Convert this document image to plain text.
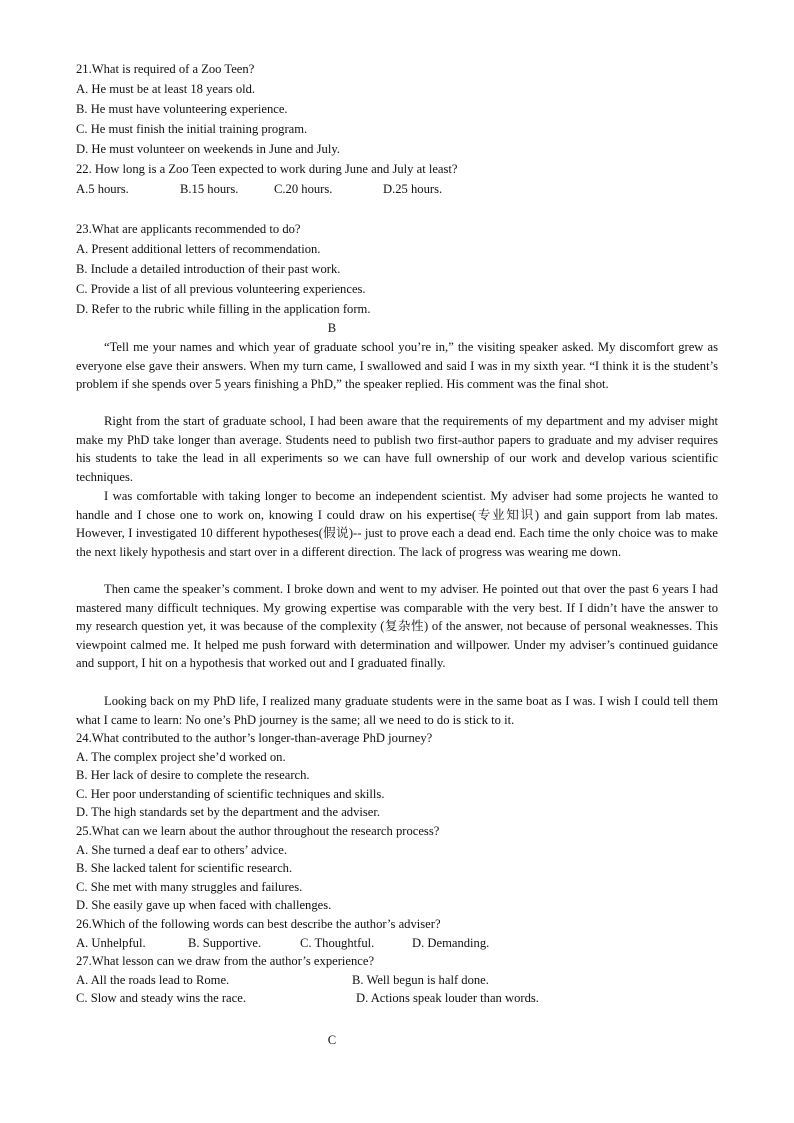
21.What is required of a Zoo Teen?
A. He must be at least 18 years old.
B. He must have volunteering experience.
C. He must finish the initial training program.
D. He must volunteer on weekends in June and July.
22. How long is a Zoo Teen expected to work during June and July at least?
A.5 hours.	B.15 hours.	C.20 hours.	D.25 hours.
23.What are applicants recommended to do?
A. Present additional letters of recommendation.
B. Include a detailed introduction of their past work.
C. Provide a list of all previous volunteering experiences.
D. Refer to the rubric while filling in the application form.
B
“Tell me your names and which year of graduate school you’re in,” the visiting speaker asked. My discomfort grew as everyone else gave their answers. When my turn came, I swallowed and said I was in my sixth year. “I think it is the student’s problem if she spends over 5 years finishing a PhD,” the speaker replied. His comment was the final shot.
Right from the start of graduate school, I had been aware that the requirements of my department and my adviser might make my PhD take longer than average. Students need to publish two first-author papers to graduate and my adviser requires his students to take the lead in all experiments so we can have full ownership of our work and develop various scientific techniques.
I was comfortable with taking longer to become an independent scientist. My adviser had some projects he wanted to handle and I chose one to work on, knowing I could draw on his expertise(专业知识) and gain support from lab mates. However, I investigated 10 different hypotheses(假说)-- just to prove each a dead end. Each time the only choice was to make the next likely hypothesis and start over in a different direction. The lack of progress was wearing me down.
Then came the speaker’s comment. I broke down and went to my adviser. He pointed out that over the past 6 years I had mastered many difficult techniques. My growing expertise was comparable with the very best. If I didn’t have the answer to my research question yet, it was because of the complexity (复杂性) of the answer, not because of personal weaknesses. This viewpoint calmed me. It helped me push forward with determination and willpower. Under my adviser’s continued guidance and support, I hit on a hypothesis that worked out and I graduated finally.
Looking back on my PhD life, I realized many graduate students were in the same boat as I was. I wish I could tell them what I came to learn: No one’s PhD journey is the same; all we need to do is stick to it.
24.What contributed to the author’s longer-than-average PhD journey?
A. The complex project she’d worked on.
B. Her lack of desire to complete the research.
C. Her poor understanding of scientific techniques and skills.
D. The high standards set by the department and the adviser.
25.What can we learn about the author throughout the research process?
A. She turned a deaf ear to others’ advice.
B. She lacked talent for scientific research.
C. She met with many struggles and failures.
D. She easily gave up when faced with challenges.
26.Which of the following words can best describe the author’s adviser?
A. Unhelpful.	B. Supportive.	C. Thoughtful.	D. Demanding.
27.What lesson can we draw from the author’s experience?
A. All the roads lead to Rome.	B. Well begun is half done.
C. Slow and steady wins the race.	D. Actions speak louder than words.
C
